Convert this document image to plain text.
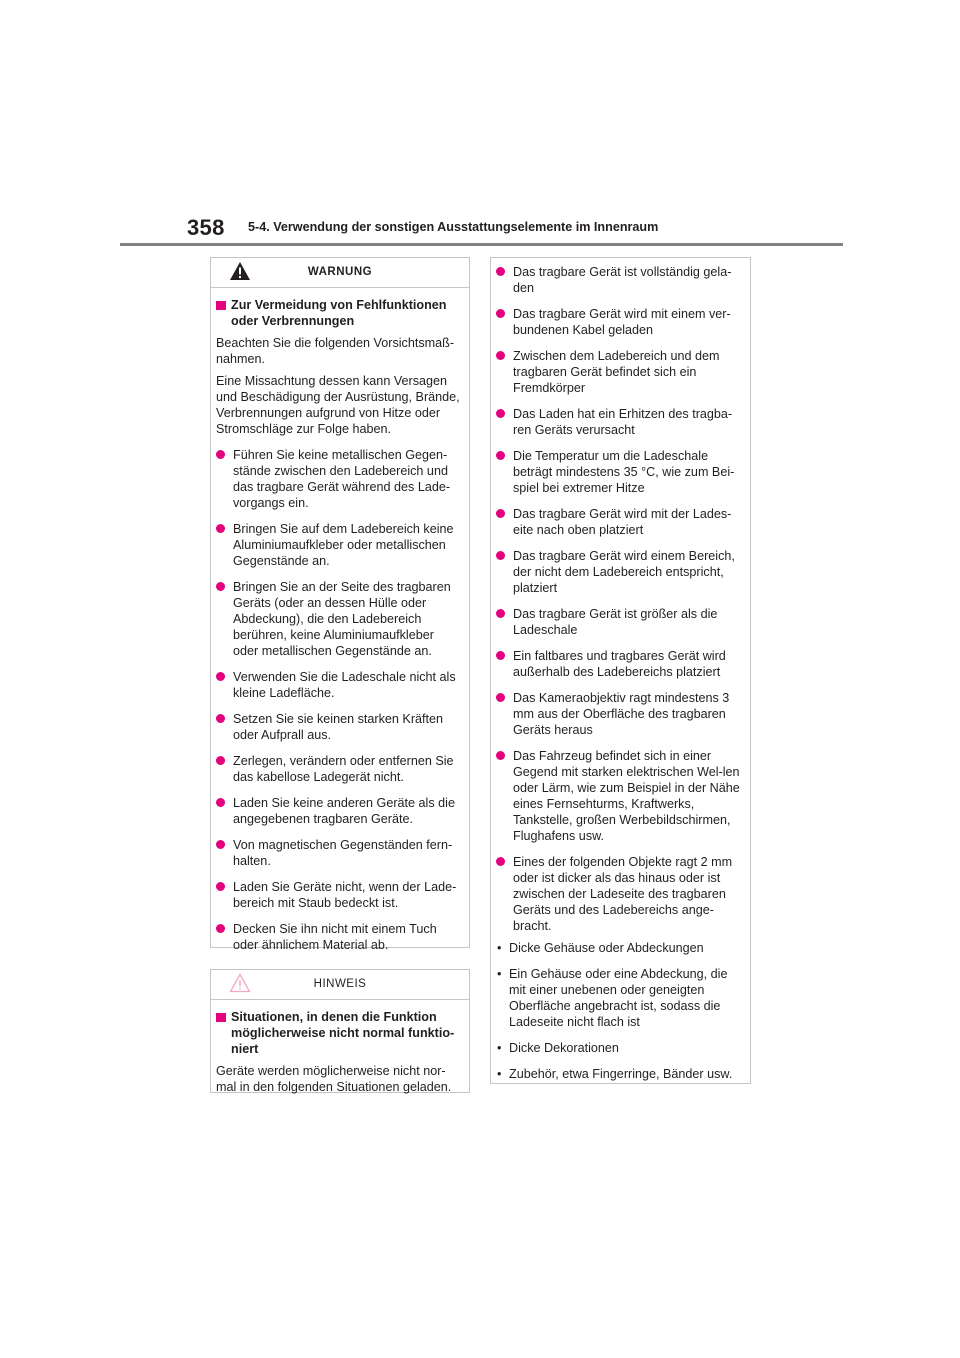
358 5-4. Verwendung der sonstigen Ausstattungselemente im Innenraum
WARNUNG
Zur Vermeidung von Fehlfunktionen oder Verbrennungen
Beachten Sie die folgenden Vorsichtsmaß-nahmen.
Eine Missachtung dessen kann Versagen und Beschädigung der Ausrüstung, Brände, Verbrennungen aufgrund von Hitze oder Stromschläge zur Folge haben.
Führen Sie keine metallischen Gegen-stände zwischen den Ladebereich und das tragbare Gerät während des Lade-vorgangs ein.
Bringen Sie auf dem Ladebereich keine Aluminiumaufkleber oder metallischen Gegenstände an.
Bringen Sie an der Seite des tragbaren Geräts (oder an dessen Hülle oder Abdeckung), die den Ladebereich berühren, keine Aluminiumaufkleber oder metallischen Gegenstände an.
Verwenden Sie die Ladeschale nicht als kleine Ladefläche.
Setzen Sie sie keinen starken Kräften oder Aufprall aus.
Zerlegen, verändern oder entfernen Sie das kabellose Ladegerät nicht.
Laden Sie keine anderen Geräte als die angegebenen tragbaren Geräte.
Von magnetischen Gegenständen fern-halten.
Laden Sie Geräte nicht, wenn der Lade-bereich mit Staub bedeckt ist.
Decken Sie ihn nicht mit einem Tuch oder ähnlichem Material ab.
HINWEIS
Situationen, in denen die Funktion möglicherweise nicht normal funktio-niert
Geräte werden möglicherweise nicht nor-mal in den folgenden Situationen geladen.
Das tragbare Gerät ist vollständig gela-den
Das tragbare Gerät wird mit einem ver-bundenen Kabel geladen
Zwischen dem Ladebereich und dem tragbaren Gerät befindet sich ein Fremdkörper
Das Laden hat ein Erhitzen des tragba-ren Geräts verursacht
Die Temperatur um die Ladeschale beträgt mindestens 35 °C, wie zum Bei-spiel bei extremer Hitze
Das tragbare Gerät wird mit der Lades-eite nach oben platziert
Das tragbare Gerät wird einem Bereich, der nicht dem Ladebereich entspricht, platziert
Das tragbare Gerät ist größer als die Ladeschale
Ein faltbares und tragbares Gerät wird außerhalb des Ladebereichs platziert
Das Kameraobjektiv ragt mindestens 3 mm aus der Oberfläche des tragbaren Geräts heraus
Das Fahrzeug befindet sich in einer Gegend mit starken elektrischen Wel-len oder Lärm, wie zum Beispiel in der Nähe eines Fernsehturms, Kraftwerks, Tankstelle, großen Werbebildschirmen, Flughafens usw.
Eines der folgenden Objekte ragt 2 mm oder ist dicker als das hinaus oder ist zwischen der Ladeseite des tragbaren Geräts und des Ladebereichs ange-bracht.
• Dicke Gehäuse oder Abdeckungen
• Ein Gehäuse oder eine Abdeckung, die mit einer unebenen oder geneigten Oberfläche angebracht ist, sodass die Ladeseite nicht flach ist
• Dicke Dekorationen
• Zubehör, etwa Fingerringe, Bänder usw.
